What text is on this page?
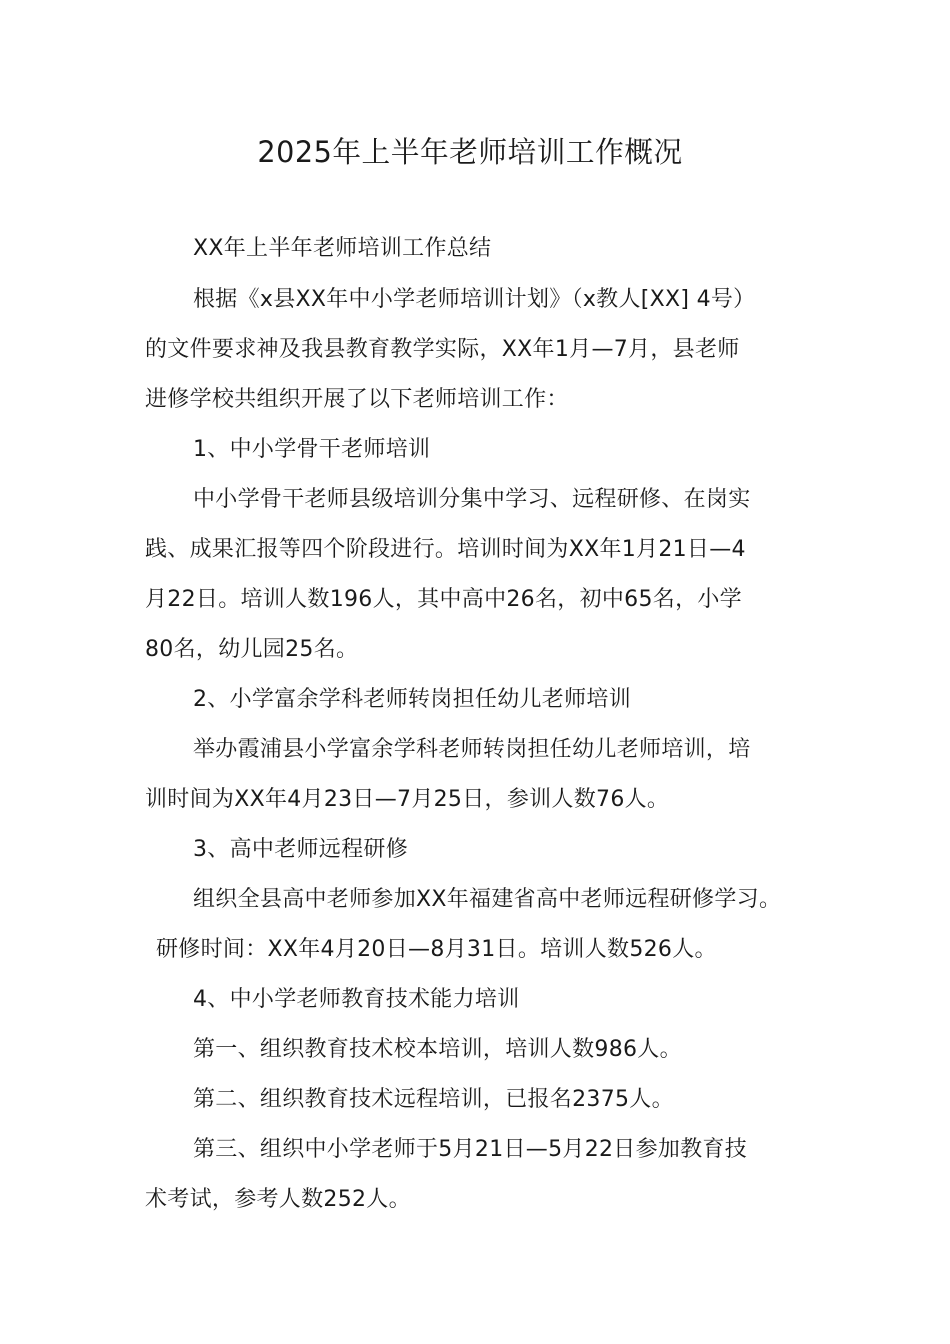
2025年上半年老师培训工作概况
XX年上半年老师培训工作总结
根据《x县XX年中小学老师培训计划》（x教人[XX] 4号）
的文件要求神及我县教育教学实际，XX年1月—7月，县老师
进修学校共组织开展了以下老师培训工作：
1、中小学骨干老师培训
中小学骨干老师县级培训分集中学习、远程研修、在岗实
践、成果汇报等四个阶段进行。培训时间为XX年1月21日—4
月22日。培训人数196人，其中高中26名，初中65名，小学
80名，幼儿园25名。
2、小学富余学科老师转岗担任幼儿老师培训
举办霞浦县小学富余学科老师转岗担任幼儿老师培训，培
训时间为XX年4月23日—7月25日，参训人数76人。
3、高中老师远程研修
组织全县高中老师参加XX年福建省高中老师远程研修学习。
研修时间：XX年4月20日—8月31日。培训人数526人。
4、中小学老师教育技术能力培训
第一、组织教育技术校本培训，培训人数986人。
第二、组织教育技术远程培训，已报名2375人。
第三、组织中小学老师于5月21日—5月22日参加教育技
术考试，参考人数252人。
